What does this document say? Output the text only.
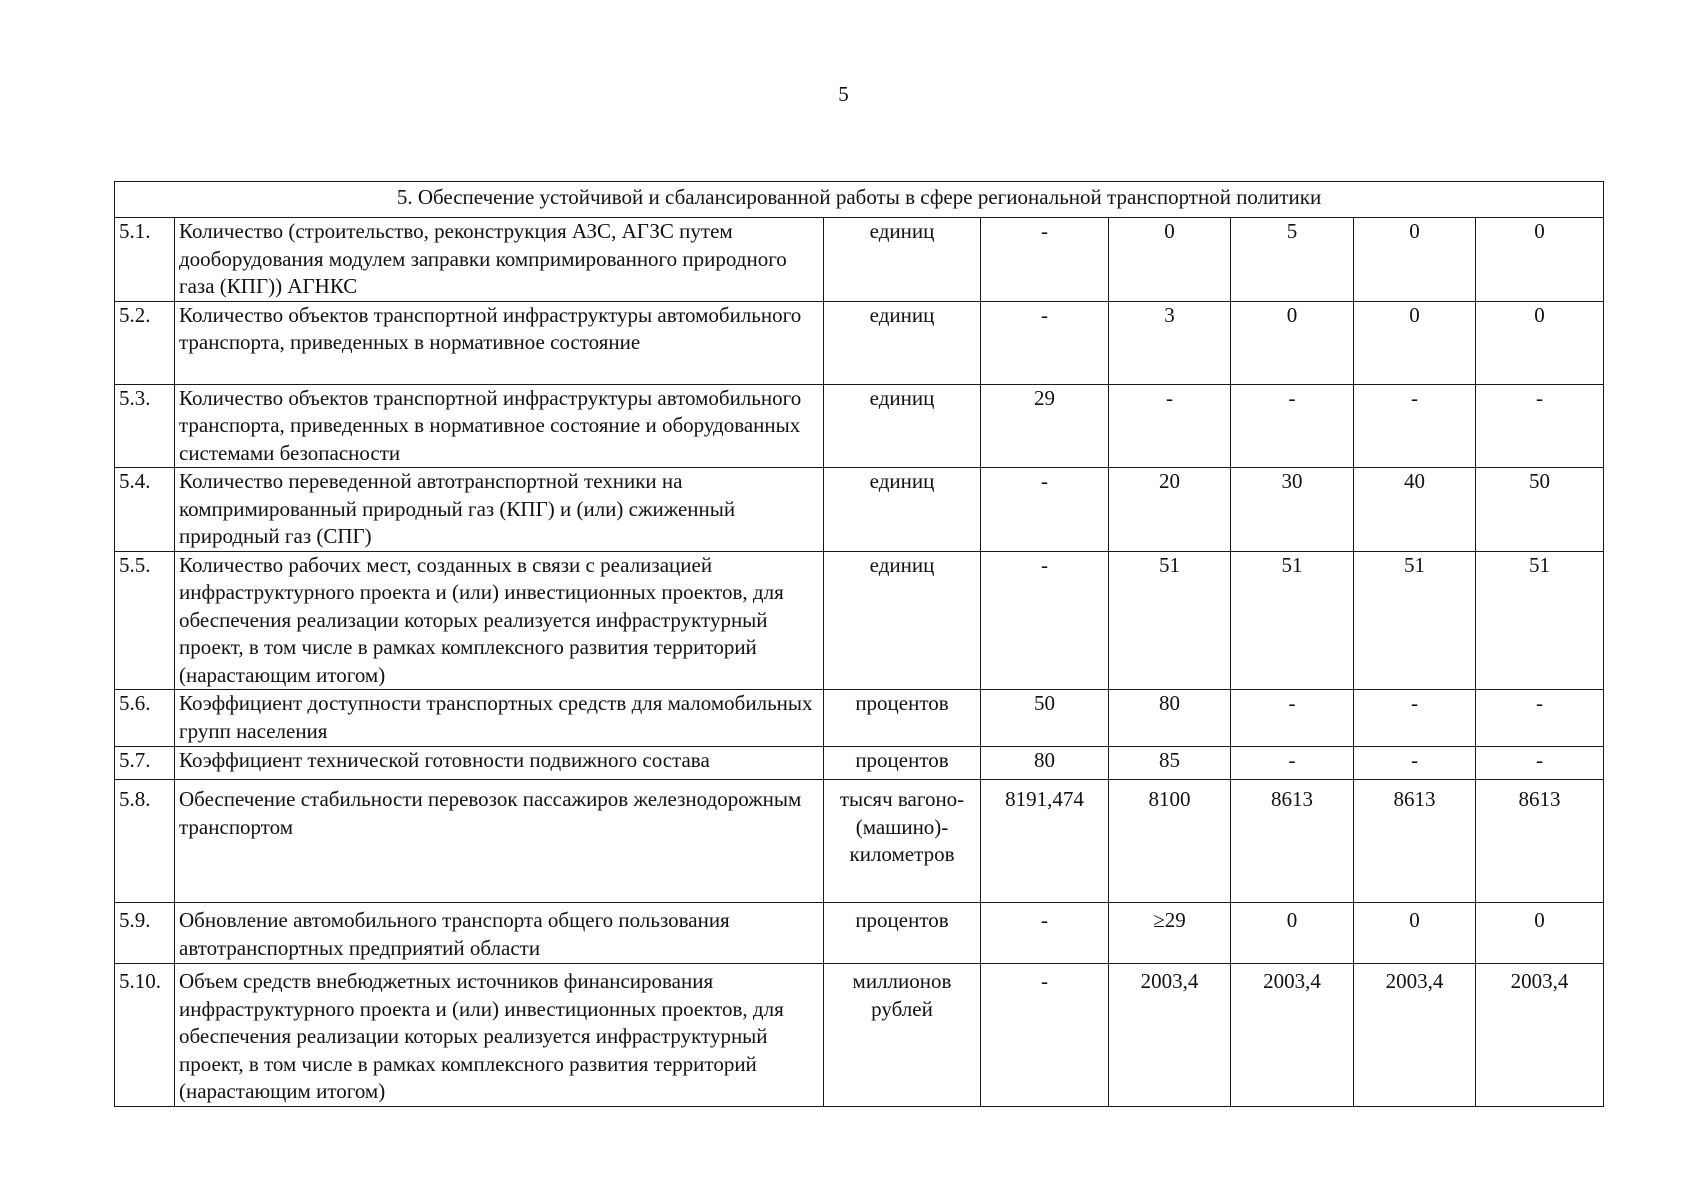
5
5. Обеспечение устойчивой и сбалансированной работы в сфере региональной транспортной политики							
5.1.	Количество (строительство, реконструкция АЗС, АГЗС путем дооборудования модулем заправки компримированного природного газа (КПГ)) АГНКС	единиц	-	0	5	0	0
5.2.	Количество объектов транспортной инфраструктуры автомобильного транспорта, приведенных в нормативное состояние	единиц	-	3	0	0	0
5.3.	Количество объектов транспортной инфраструктуры автомобильного транспорта, приведенных в нормативное состояние и оборудованных системами безопасности	единиц	29	-	-	-	-
5.4.	Количество переведенной автотранспортной техники на компримированный природный газ (КПГ) и (или) сжиженный природный газ (СПГ)	единиц	-	20	30	40	50
5.5.	Количество рабочих мест, созданных в связи с реализацией инфраструктурного проекта и (или) инвестиционных проектов, для обеспечения реализации которых реализуется инфраструктурный проект, в том числе в рамках комплексного развития территорий (нарастающим итогом)	единиц	-	51	51	51	51
5.6.	Коэффициент доступности транспортных средств для маломобильных групп населения	процентов	50	80	-	-	-
5.7.	Коэффициент технической готовности подвижного состава	процентов	80	85	-	-	-
5.8.	Обеспечение стабильности перевозок пассажиров железнодорожным транспортом	тысяч вагоно-(машино)-километров	8191,474	8100	8613	8613	8613
5.9.	Обновление автомобильного транспорта общего пользования автотранспортных предприятий области	процентов	-	≥29	0	0	0
5.10.	Объем средств внебюджетных источников финансирования инфраструктурного проекта и (или) инвестиционных проектов, для обеспечения реализации которых реализуется инфраструктурный проект, в том числе в рамках комплексного развития территорий (нарастающим итогом)	миллионов рублей	-	2003,4	2003,4	2003,4	2003,4
